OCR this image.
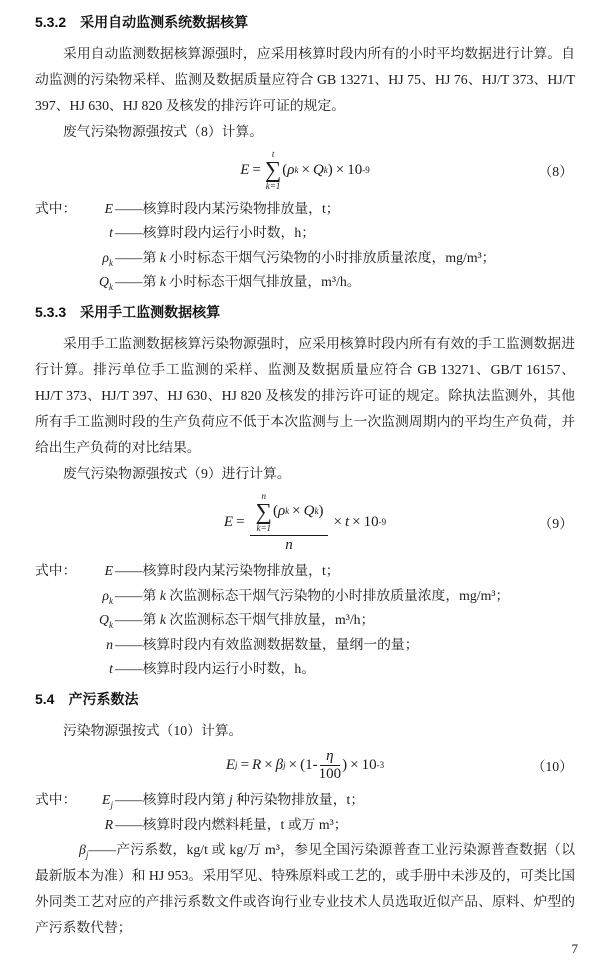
5.3.2 采用自动监测系统数据核算
采用自动监测数据核算源强时，应采用核算时段内所有的小时平均数据进行计算。自动监测的污染物采样、监测及数据质量应符合 GB 13271、HJ 75、HJ 76、HJ/T 373、HJ/T 397、HJ 630、HJ 820 及核发的排污许可证的规定。
废气污染物源强按式（8）计算。
E =
t
∑
k=1
( ρ k × Q k ) × 10 -9	（8）
式中：	E ——核算时段内某污染物排放量，t；
t ——核算时段内运行小时数，h；
$\rho_k$ ——第 k 小时标态干烟气污染物的小时排放质量浓度，mg/m³；
$Q_k$ ——第 k 小时标态干烟气排放量，m³/h。
5.3.3 采用手工监测数据核算
采用手工监测数据核算污染物源强时，应采用核算时段内所有有效的手工监测数据进行计算。排污单位手工监测的采样、监测及数据质量应符合 GB 13271、GB/T 16157、HJ/T 373、HJ/T 397、HJ 630、HJ 820 及核发的排污许可证的规定。除执法监测外，其他所有手工监测时段的生产负荷应不低于本次监测与上一次监测周期内的平均生产负荷，并给出生产负荷的对比结果。
废气污染物源强按式（9）进行计算。
E =
n
∑
k=1
( ρ k × Q k )
n
× t × 10 -9	（9）
式中：	E ——核算时段内某污染物排放量，t；
$\rho_k$ ——第 k 次监测标态干烟气污染物的小时排放质量浓度，mg/m³；
$Q_k$ ——第 k 次监测标态干烟气排放量，m³/h；
n ——核算时段内有效监测数据数量，量纲一的量；
t ——核算时段内运行小时数，h。
5.4 产污系数法
污染物源强按式（10）计算。
E j = R × β $j \times (1- \frac{\eta}{100}$ ) × 10 -3	（10）
式中：	$E_j$ ——核算时段内第 j 种污染物排放量，t；
R ——核算时段内燃料耗量，t 或万 m³；
$\beta_j——$产污系数，kg/t 或 kg/万 m³，参见全国污染源普查工业污染源普查数据（以最新版本为准）和 HJ 953。采用罕见、特殊原料或工艺的，或手册中未涉及的，可类比国外同类工艺对应的产排污系数文件或咨询行业专业技术人员选取近似产品、原料、炉型的产污系数代替；
7
